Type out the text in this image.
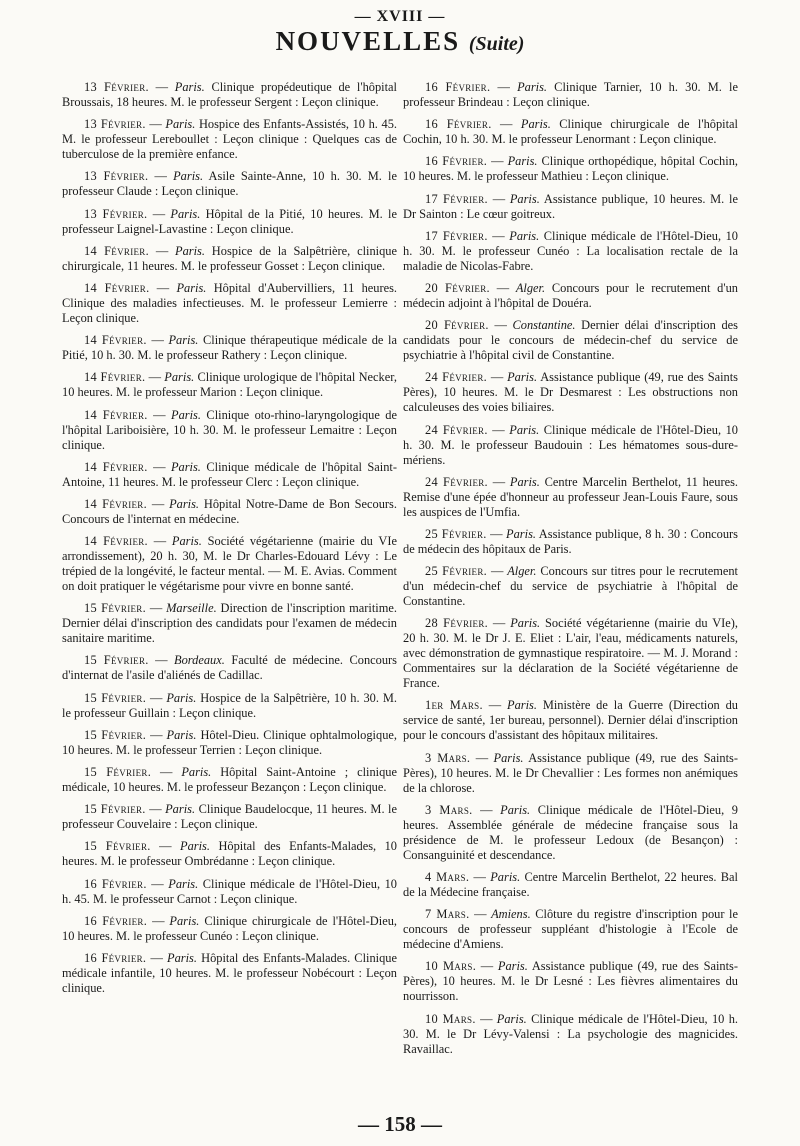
— XVIII —
NOUVELLES (Suite)

13 Février. — Paris. Clinique propédeutique de l'hôpital Broussais, 18 heures. M. le professeur Sergent : Leçon clinique.

13 Février. — Paris. Hospice des Enfants-Assistés, 10 h. 45. M. le professeur Lereboullet : Leçon clinique : Quelques cas de tuberculose de la première enfance.

13 Février. — Paris. Asile Sainte-Anne, 10 h. 30. M. le professeur Claude : Leçon clinique.

13 Février. — Paris. Hôpital de la Pitié, 10 heures. M. le professeur Laignel-Lavastine : Leçon clinique.

14 Février. — Paris. Hospice de la Salpêtrière, clinique chirurgicale, 11 heures. M. le professeur Gosset : Leçon clinique.

14 Février. — Paris. Hôpital d'Aubervilliers, 11 heures. Clinique des maladies infectieuses. M. le professeur Lemierre : Leçon clinique.

14 Février. — Paris. Clinique thérapeutique médicale de la Pitié, 10 h. 30. M. le professeur Rathery : Leçon clinique.

14 Février. — Paris. Clinique urologique de l'hôpital Necker, 10 heures. M. le professeur Marion : Leçon clinique.

14 Février. — Paris. Clinique oto-rhino-laryngologique de l'hôpital Lariboisière, 10 h. 30. M. le professeur Lemaitre : Leçon clinique.

14 Février. — Paris. Clinique médicale de l'hôpital Saint-Antoine, 11 heures. M. le professeur Clerc : Leçon clinique.

14 Février. — Paris. Hôpital Notre-Dame de Bon Secours. Concours de l'internat en médecine.

14 Février. — Paris. Société végétarienne (mairie du VIe arrondissement), 20 h. 30, M. le Dr Charles-Edouard Lévy : Le trépied de la longévité, le facteur mental. — M. E. Avias. Comment on doit pratiquer le végétarisme pour vivre en bonne santé.

15 Février. — Marseille. Direction de l'inscription maritime. Dernier délai d'inscription des candidats pour l'examen de médecin sanitaire maritime.

15 Février. — Bordeaux. Faculté de médecine. Concours d'internat de l'asile d'aliénés de Cadillac.

15 Février. — Paris. Hospice de la Salpêtrière, 10 h. 30. M. le professeur Guillain : Leçon clinique.

15 Février. — Paris. Hôtel-Dieu. Clinique ophtalmologique, 10 heures. M. le professeur Terrien : Leçon clinique.

15 Février. — Paris. Hôpital Saint-Antoine ; clinique médicale, 10 heures. M. le professeur Bezançon : Leçon clinique.

15 Février. — Paris. Clinique Baudelocque, 11 heures. M. le professeur Couvelaire : Leçon clinique.

15 Février. — Paris. Hôpital des Enfants-Malades, 10 heures. M. le professeur Ombrédanne : Leçon clinique.

16 Février. — Paris. Clinique médicale de l'Hôtel-Dieu, 10 h. 45. M. le professeur Carnot : Leçon clinique.

16 Février. — Paris. Clinique chirurgicale de l'Hôtel-Dieu, 10 heures. M. le professeur Cunéo : Leçon clinique.

16 Février. — Paris. Hôpital des Enfants-Malades. Clinique médicale infantile, 10 heures. M. le professeur Nobécourt : Leçon clinique.

16 Février. — Paris. Clinique Tarnier, 10 h. 30. M. le professeur Brindeau : Leçon clinique.

16 Février. — Paris. Clinique chirurgicale de l'hôpital Cochin, 10 h. 30. M. le professeur Lenormant : Leçon clinique.

16 Février. — Paris. Clinique orthopédique, hôpital Cochin, 10 heures. M. le professeur Mathieu : Leçon clinique.

17 Février. — Paris. Assistance publique, 10 heures. M. le Dr Sainton : Le cœur goitreux.

17 Février. — Paris. Clinique médicale de l'Hôtel-Dieu, 10 h. 30. M. le professeur Cunéo : La localisation rectale de la maladie de Nicolas-Fabre.

20 Février. — Alger. Concours pour le recrutement d'un médecin adjoint à l'hôpital de Douéra.

20 Février. — Constantine. Dernier délai d'inscription des candidats pour le concours de médecin-chef du service de psychiatrie à l'hôpital civil de Constantine.

24 Février. — Paris. Assistance publique (49, rue des Saints Pères), 10 heures. M. le Dr Desmarest : Les obstructions non calculeuses des voies biliaires.

24 Février. — Paris. Clinique médicale de l'Hôtel-Dieu, 10 h. 30. M. le professeur Baudouin : Les hématomes sous-dure-mériens.

24 Février. — Paris. Centre Marcelin Berthelot, 11 heures. Remise d'une épée d'honneur au professeur Jean-Louis Faure, sous les auspices de l'Umfia.

25 Février. — Paris. Assistance publique, 8 h. 30 : Concours de médecin des hôpitaux de Paris.

25 Février. — Alger. Concours sur titres pour le recrutement d'un médecin-chef du service de psychiatrie à l'hôpital de Constantine.

28 Février. — Paris. Société végétarienne (mairie du VIe), 20 h. 30. M. le Dr J. E. Eliet : L'air, l'eau, médicaments naturels, avec démonstration de gymnastique respiratoire. — M. J. Morand : Commentaires sur la déclaration de la Société végétarienne de France.

1er Mars. — Paris. Ministère de la Guerre (Direction du service de santé, 1er bureau, personnel). Dernier délai d'inscription pour le concours d'assistant des hôpitaux militaires.

3 Mars. — Paris. Assistance publique (49, rue des Saints-Pères), 10 heures. M. le Dr Chevallier : Les formes non anémiques de la chlorose.

3 Mars. — Paris. Clinique médicale de l'Hôtel-Dieu, 9 heures. Assemblée générale de médecine française sous la présidence de M. le professeur Ledoux (de Besançon) : Consanguinité et descendance.

4 Mars. — Paris. Centre Marcelin Berthelot, 22 heures. Bal de la Médecine française.

7 Mars. — Amiens. Clôture du registre d'inscription pour le concours de professeur suppléant d'histologie à l'Ecole de médecine d'Amiens.

10 Mars. — Paris. Assistance publique (49, rue des Saints-Pères), 10 heures. M. le Dr Lesné : Les fièvres alimentaires du nourrisson.

10 Mars. — Paris. Clinique médicale de l'Hôtel-Dieu, 10 h. 30. M. le Dr Lévy-Valensi : La psychologie des magnicides. Ravaillac.

— 158 —
